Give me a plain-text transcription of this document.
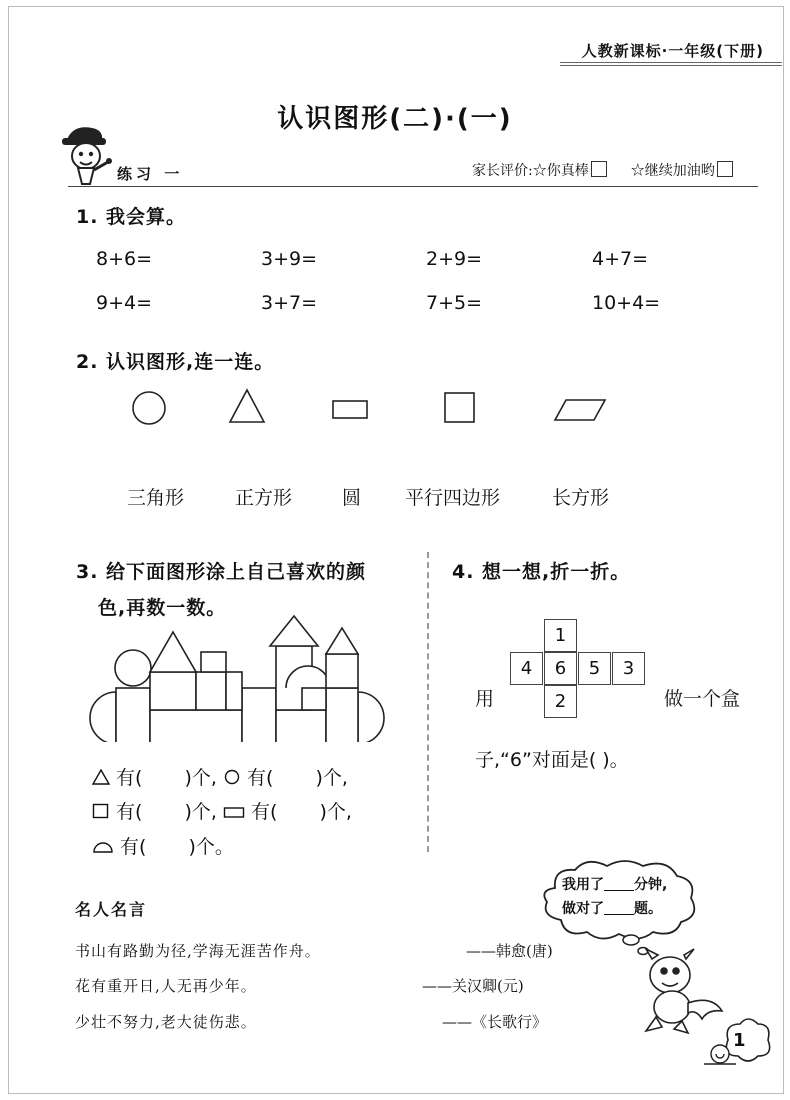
人教新课标·一年级(下册)
认识图形(二)·(一)
练习 一	家长评价:☆你真棒	☆继续加油哟
1. 我会算。
8+6=	3+9=	2+9=	4+7=
9+4=	3+7=	7+5=	10+4=
2. 认识图形,连一连。
三角形	正方形	圆 平行四边形	长方形
3. 给下面图形涂上自己喜欢的颜
色,再数一数。
有( )个, 有( )个,
有( )个, 有( )个,
有( )个。
4. 想一想,折一折。
1
4	6	5	3
2
用	做一个盒
子,“6”对面是( )。
名人名言
书山有路勤为径,学海无涯苦作舟。	——韩愈(唐)
花有重开日,人无再少年。	——关汉卿(元)
少壮不努力,老大徒伤悲。	——《长歌行》
我用了 分钟,
做对了 题。
1
